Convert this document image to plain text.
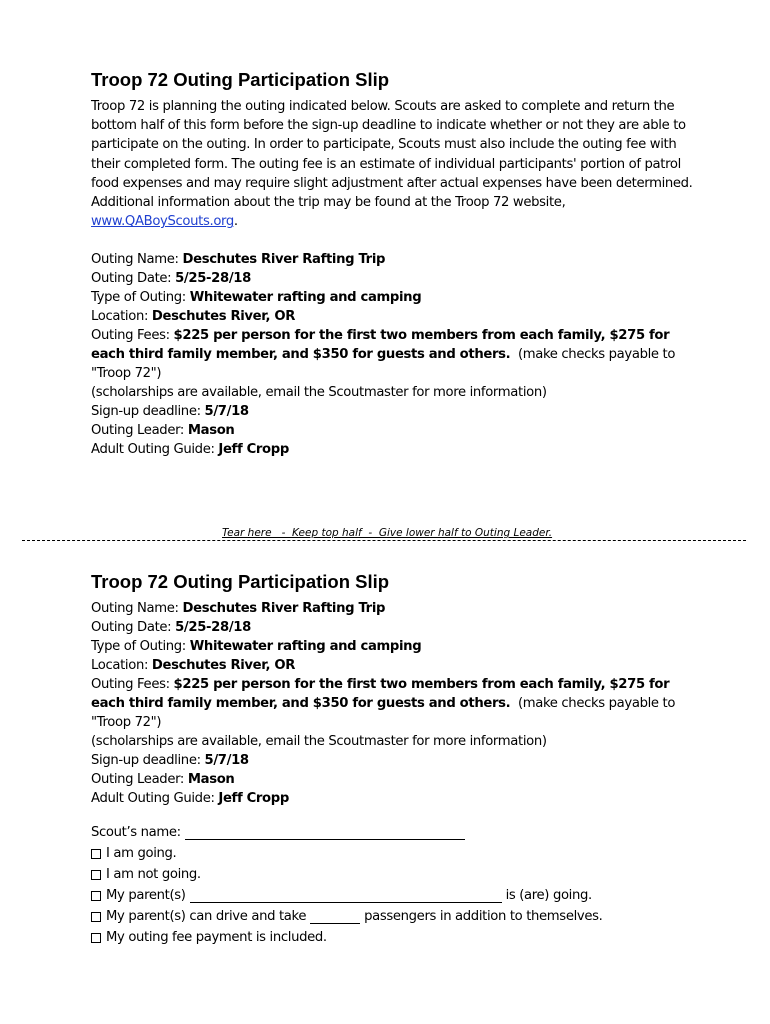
Troop 72 Outing Participation Slip

Troop 72 is planning the outing indicated below. Scouts are asked to complete and return the bottom half of this form before the sign-up deadline to indicate whether or not they are able to participate on the outing. In order to participate, Scouts must also include the outing fee with their completed form. The outing fee is an estimate of individual participants' portion of patrol food expenses and may require slight adjustment after actual expenses have been determined. Additional information about the trip may be found at the Troop 72 website, www.QABoyScouts.org.

Outing Name: Deschutes River Rafting Trip
Outing Date: 5/25-28/18
Type of Outing: Whitewater rafting and camping
Location: Deschutes River, OR
Outing Fees: $225 per person for the first two members from each family, $275 for each third family member, and $350 for guests and others.  (make checks payable to "Troop 72")
(scholarships are available, email the Scoutmaster for more information)
Sign-up deadline: 5/7/18
Outing Leader: Mason
Adult Outing Guide: Jeff Cropp
Tear here   -  Keep top half  -  Give lower half to Outing Leader.
Troop 72 Outing Participation Slip
Outing Name: Deschutes River Rafting Trip
Outing Date: 5/25-28/18
Type of Outing: Whitewater rafting and camping
Location: Deschutes River, OR
Outing Fees: $225 per person for the first two members from each family, $275 for each third family member, and $350 for guests and others.  (make checks payable to "Troop 72")
(scholarships are available, email the Scoutmaster for more information)
Sign-up deadline: 5/7/18
Outing Leader: Mason
Adult Outing Guide: Jeff Cropp
Scout’s name:
I am going.
I am not going.
My parent(s)	is (are) going.
My parent(s) can drive and take	passengers in addition to themselves.
My outing fee payment is included.
